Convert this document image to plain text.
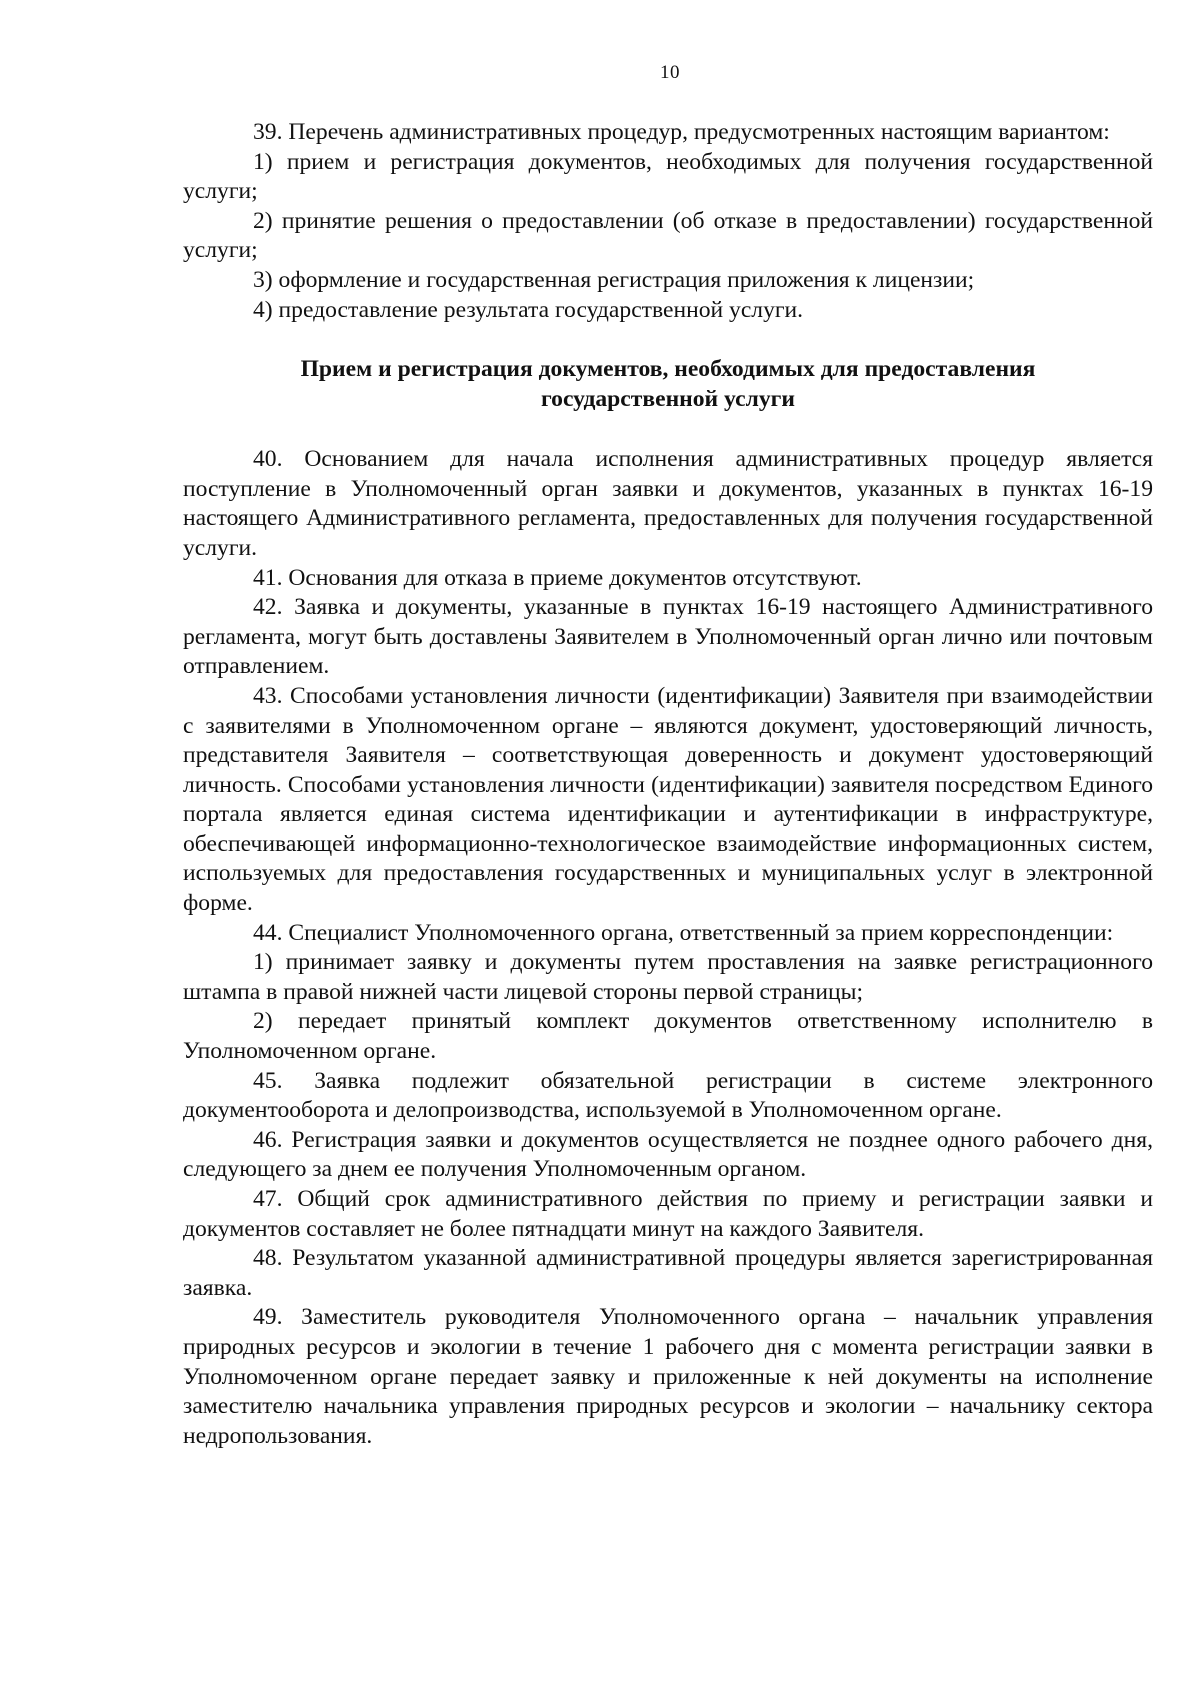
10

39. Перечень административных процедур, предусмотренных настоящим вариантом:

1) прием и регистрация документов, необходимых для получения государственной услуги;

2) принятие решения о предоставлении (об отказе в предоставлении) государственной услуги;

3) оформление и государственная регистрация приложения к лицензии;

4) предоставление результата государственной услуги.

Прием и регистрация документов, необходимых для предоставления
государственной услуги

40. Основанием для начала исполнения административных процедур является поступление в Уполномоченный орган заявки и документов, указанных в пунктах 16-19 настоящего Административного регламента, предоставленных для получения государственной услуги.

41. Основания для отказа в приеме документов отсутствуют.

42. Заявка и документы, указанные в пунктах 16-19 настоящего Административного регламента, могут быть доставлены Заявителем в Уполномоченный орган лично или почтовым отправлением.

43. Способами установления личности (идентификации) Заявителя при взаимодействии с заявителями в Уполномоченном органе – являются документ, удостоверяющий личность, представителя Заявителя – соответствующая доверенность и документ удостоверяющий личность. Способами установления личности (идентификации) заявителя посредством Единого портала является единая система идентификации и аутентификации в инфраструктуре, обеспечивающей информационно-технологическое взаимодействие информационных систем, используемых для предоставления государственных и муниципальных услуг в электронной форме.

44. Специалист Уполномоченного органа, ответственный за прием корреспонденции:

1) принимает заявку и документы путем проставления на заявке регистрационного штампа в правой нижней части лицевой стороны первой страницы;

2) передает принятый комплект документов ответственному исполнителю в Уполномоченном органе.

45. Заявка подлежит обязательной регистрации в системе электронного документооборота и делопроизводства, используемой в Уполномоченном органе.

46. Регистрация заявки и документов осуществляется не позднее одного рабочего дня, следующего за днем ее получения Уполномоченным органом.

47. Общий срок административного действия по приему и регистрации заявки и документов составляет не более пятнадцати минут на каждого Заявителя.

48. Результатом указанной административной процедуры является зарегистрированная заявка.

49. Заместитель руководителя Уполномоченного органа – начальник управления природных ресурсов и экологии в течение 1 рабочего дня с момента регистрации заявки в Уполномоченном органе передает заявку и приложенные к ней документы на исполнение заместителю начальника управления природных ресурсов и экологии – начальнику сектора недропользования.
